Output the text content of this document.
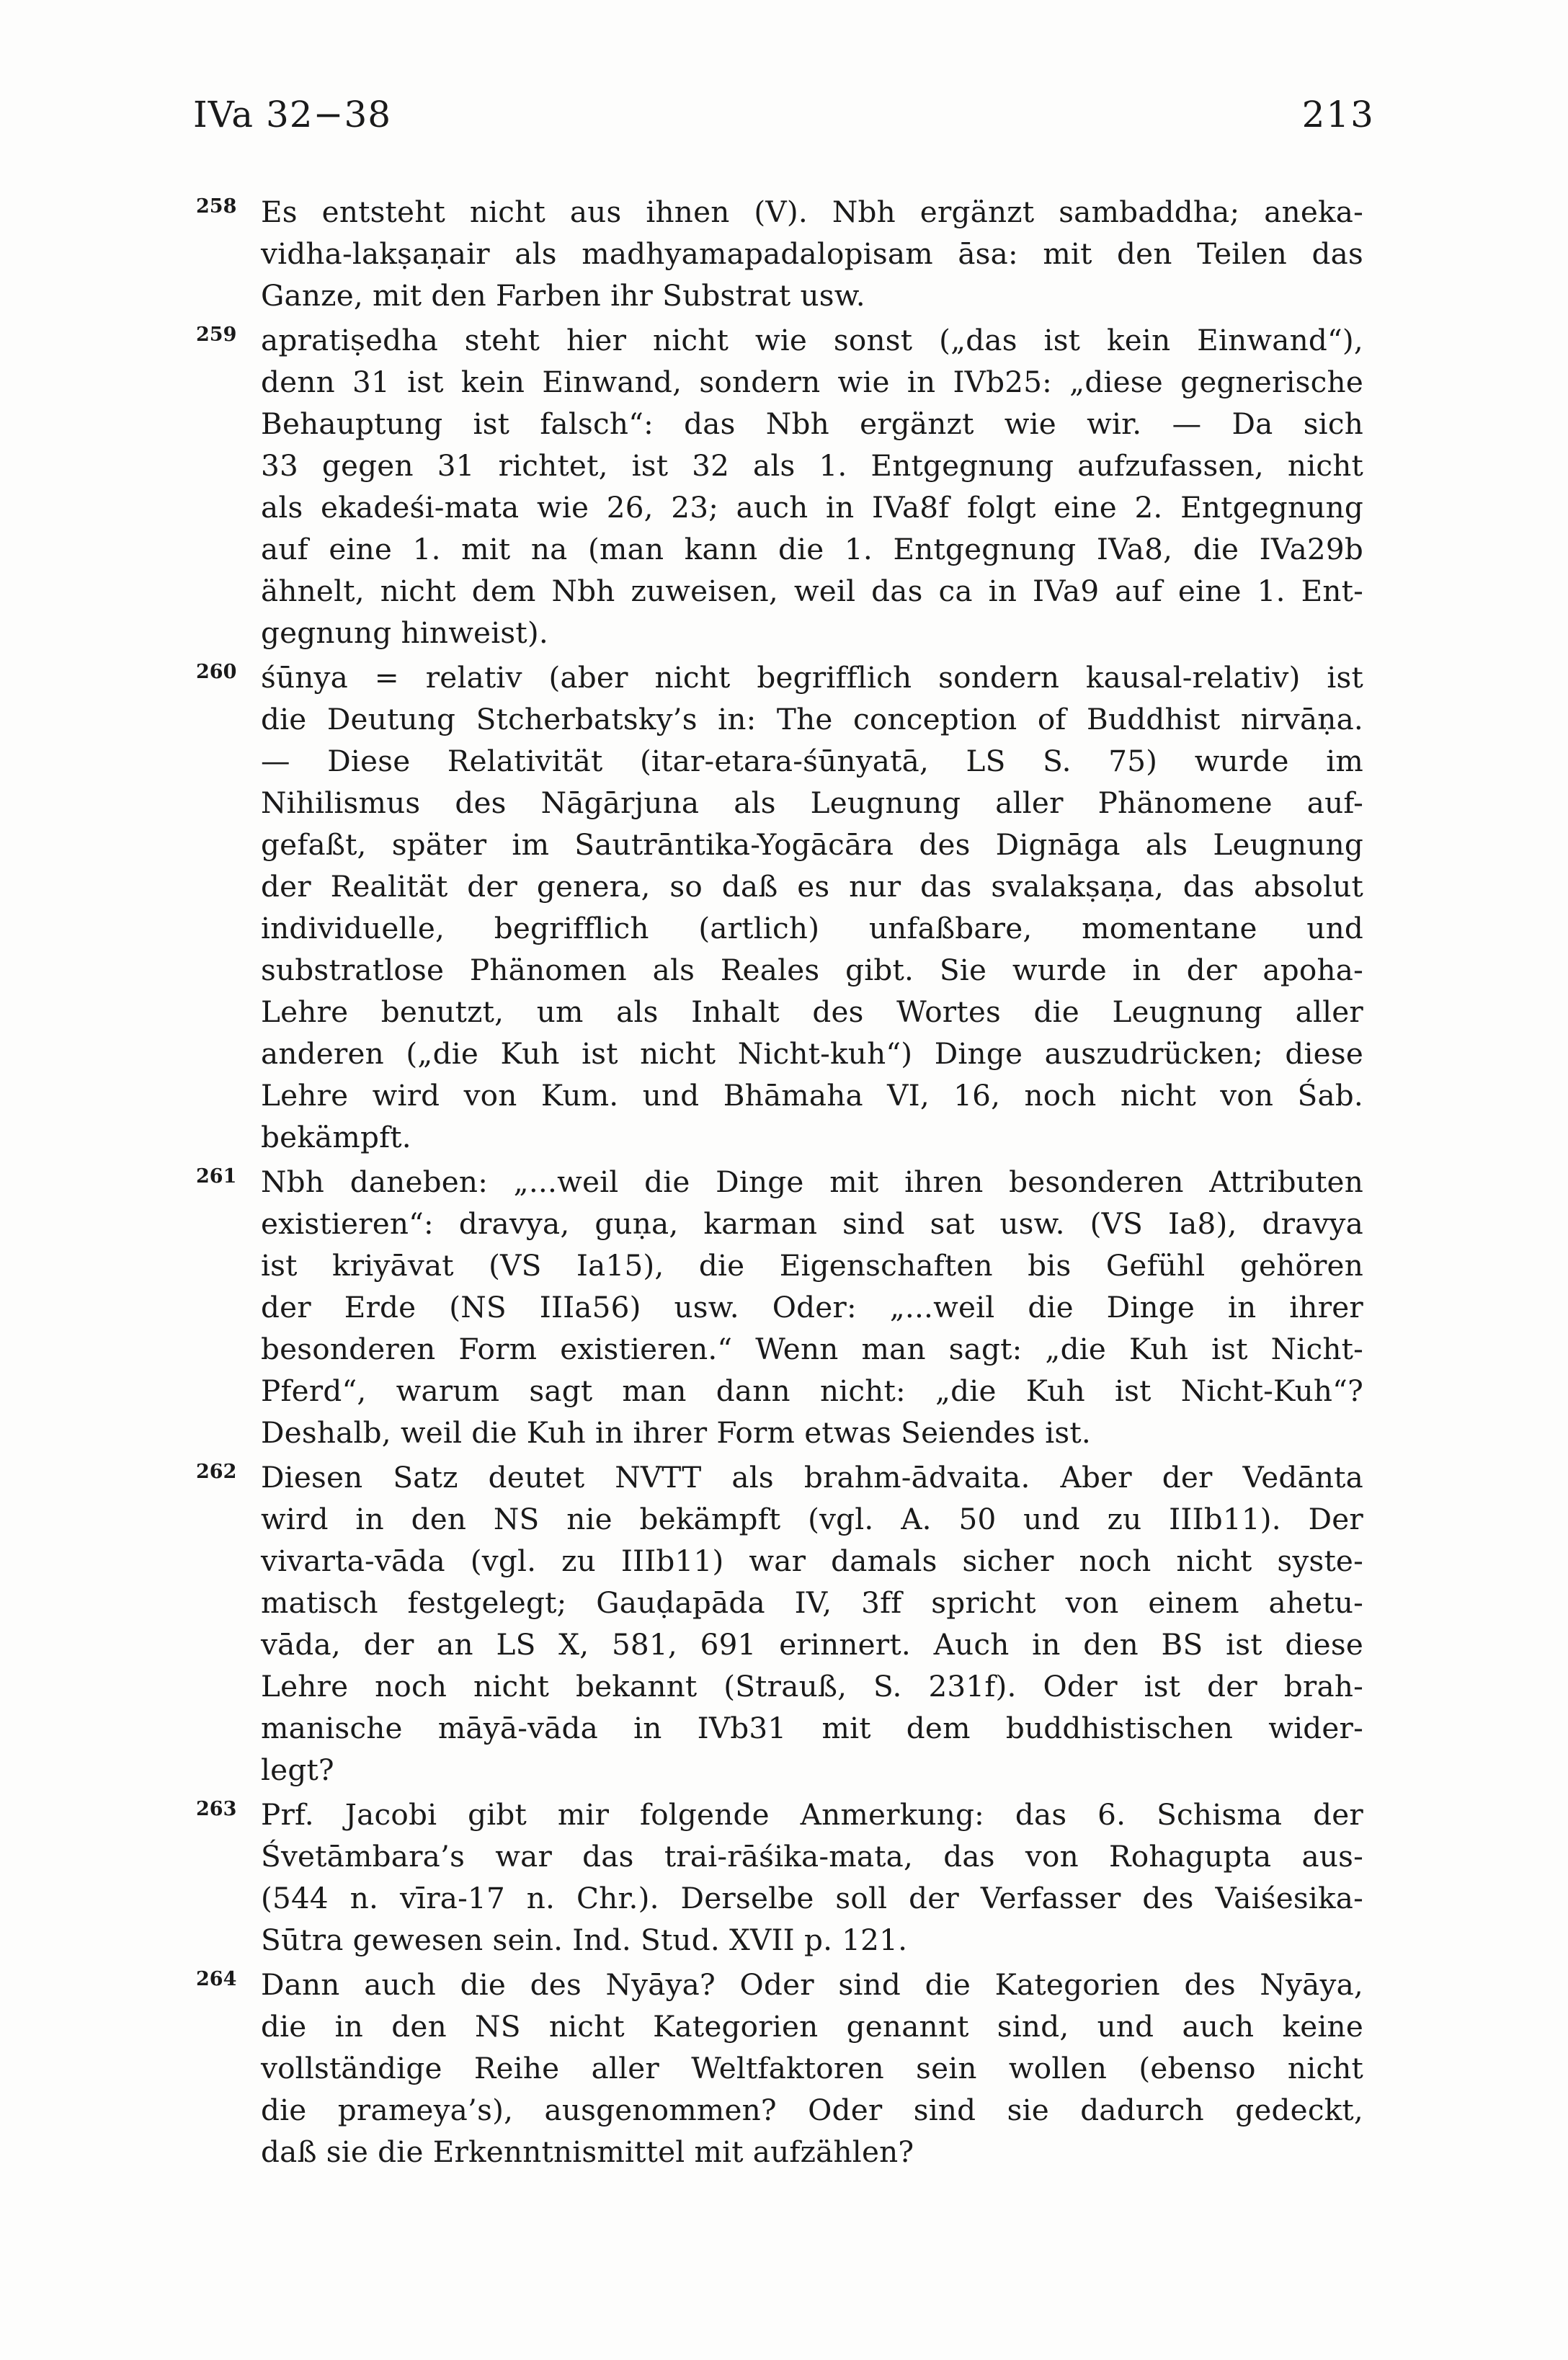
IVa 32−38	213
258 Es entsteht nicht aus ihnen (V). Nbh ergänzt sambaddha; aneka-
vidha-lakṣaṇair als madhyamapadalopisam āsa: mit den Teilen das
Ganze, mit den Farben ihr Substrat usw.
259 apratiṣedha steht hier nicht wie sonst („das ist kein Einwand“),
denn 31 ist kein Einwand, sondern wie in IVb25: „diese gegnerische
Behauptung ist falsch“: das Nbh ergänzt wie wir. — Da sich
33 gegen 31 richtet, ist 32 als 1. Entgegnung aufzufassen, nicht
als ekadeśi-mata wie 26, 23; auch in IVa8f folgt eine 2. Entgegnung
auf eine 1. mit na (man kann die 1. Entgegnung IVa8, die IVa29b
ähnelt, nicht dem Nbh zuweisen, weil das ca in IVa9 auf eine 1. Ent-
gegnung hinweist).
260 śūnya = relativ (aber nicht begrifflich sondern kausal-relativ) ist
die Deutung Stcherbatsky’s in: The conception of Buddhist nirvāṇa.
— Diese Relativität (itar-etara-śūnyatā, LS S. 75) wurde im
Nihilismus des Nāgārjuna als Leugnung aller Phänomene auf-
gefaßt, später im Sautrāntika-Yogācāra des Dignāga als Leugnung
der Realität der genera, so daß es nur das svalakṣaṇa, das absolut
individuelle, begrifflich (artlich) unfaßbare, momentane und
substratlose Phänomen als Reales gibt. Sie wurde in der apoha-
Lehre benutzt, um als Inhalt des Wortes die Leugnung aller
anderen („die Kuh ist nicht Nicht-kuh“) Dinge auszudrücken; diese
Lehre wird von Kum. und Bhāmaha VI, 16, noch nicht von Śab.
bekämpft.
261 Nbh daneben: „...weil die Dinge mit ihren besonderen Attributen
existieren“: dravya, guṇa, karman sind sat usw. (VS Ia8), dravya
ist kriyāvat (VS Ia15), die Eigenschaften bis Gefühl gehören
der Erde (NS IIIa56) usw. Oder: „...weil die Dinge in ihrer
besonderen Form existieren.“ Wenn man sagt: „die Kuh ist Nicht-
Pferd“, warum sagt man dann nicht: „die Kuh ist Nicht-Kuh“?
Deshalb, weil die Kuh in ihrer Form etwas Seiendes ist.
262 Diesen Satz deutet NVTT als brahm-ādvaita. Aber der Vedānta
wird in den NS nie bekämpft (vgl. A. 50 und zu IIIb11). Der
vivarta-vāda (vgl. zu IIIb11) war damals sicher noch nicht syste-
matisch festgelegt; Gauḍapāda IV, 3ff spricht von einem ahetu-
vāda, der an LS X, 581, 691 erinnert. Auch in den BS ist diese
Lehre noch nicht bekannt (Strauß, S. 231f). Oder ist der brah-
manische māyā-vāda in IVb31 mit dem buddhistischen wider-
legt?
263 Prf. Jacobi gibt mir folgende Anmerkung: das 6. Schisma der
Śvetāmbara’s war das trai-rāśika-mata, das von Rohagupta aus-
(544 n. vīra-17 n. Chr.). Derselbe soll der Verfasser des Vaiśesika-
Sūtra gewesen sein. Ind. Stud. XVII p. 121.
264 Dann auch die des Nyāya? Oder sind die Kategorien des Nyāya,
die in den NS nicht Kategorien genannt sind, und auch keine
vollständige Reihe aller Weltfaktoren sein wollen (ebenso nicht
die prameya’s), ausgenommen? Oder sind sie dadurch gedeckt,
daß sie die Erkenntnismittel mit aufzählen?
